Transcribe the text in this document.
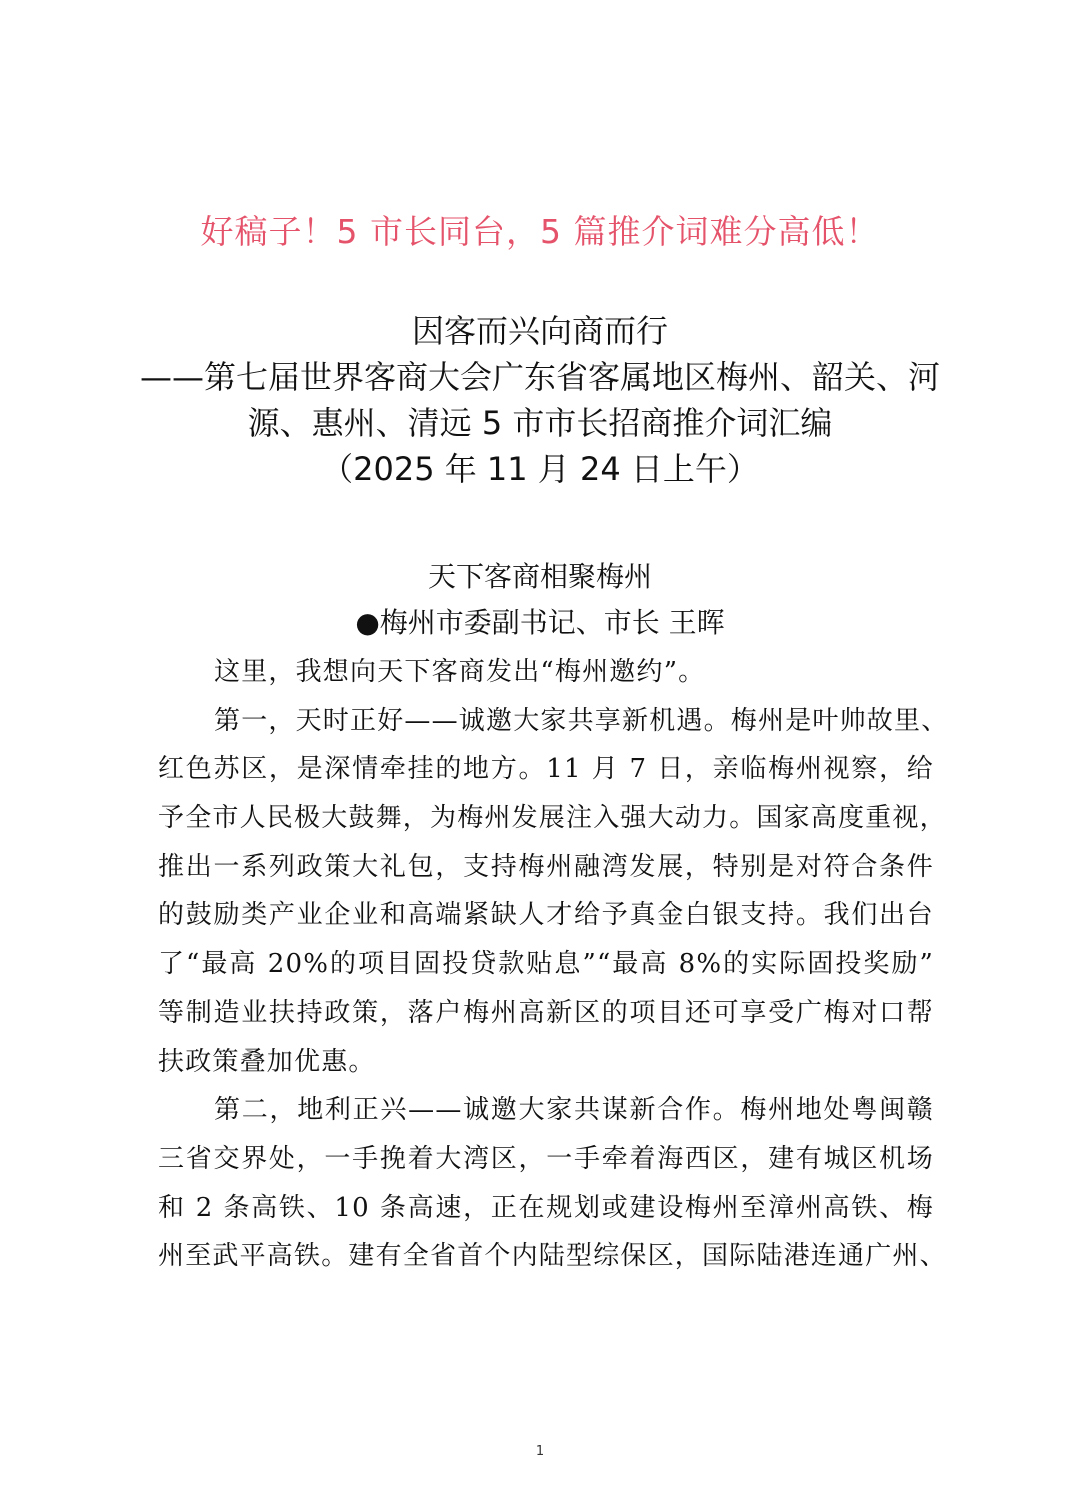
好稿子！5 市长同台，5 篇推介词难分高低！
因客而兴向商而行
——第七届世界客商大会广东省客属地区梅州、韶关、河
源、惠州、清远 5 市市长招商推介词汇编
（2025 年 11 月 24 日上午）
天下客商相聚梅州
●梅州市委副书记、市长 王晖
这里，我想向天下客商发出“梅州邀约”。
第一，天时正好——诚邀大家共享新机遇。梅州是叶帅故里、
红色苏区，是深情牵挂的地方。11 月 7 日，亲临梅州视察，给
予全市人民极大鼓舞，为梅州发展注入强大动力。国家高度重视，
推出一系列政策大礼包，支持梅州融湾发展，特别是对符合条件
的鼓励类产业企业和高端紧缺人才给予真金白银支持。我们出台
了“最高 20%的项目固投贷款贴息”“最高 8%的实际固投奖励”
等制造业扶持政策，落户梅州高新区的项目还可享受广梅对口帮
扶政策叠加优惠。
第二，地利正兴——诚邀大家共谋新合作。梅州地处粤闽赣
三省交界处，一手挽着大湾区，一手牵着海西区，建有城区机场
和 2 条高铁、10 条高速，正在规划或建设梅州至漳州高铁、梅
州至武平高铁。建有全省首个内陆型综保区，国际陆港连通广州、
1
